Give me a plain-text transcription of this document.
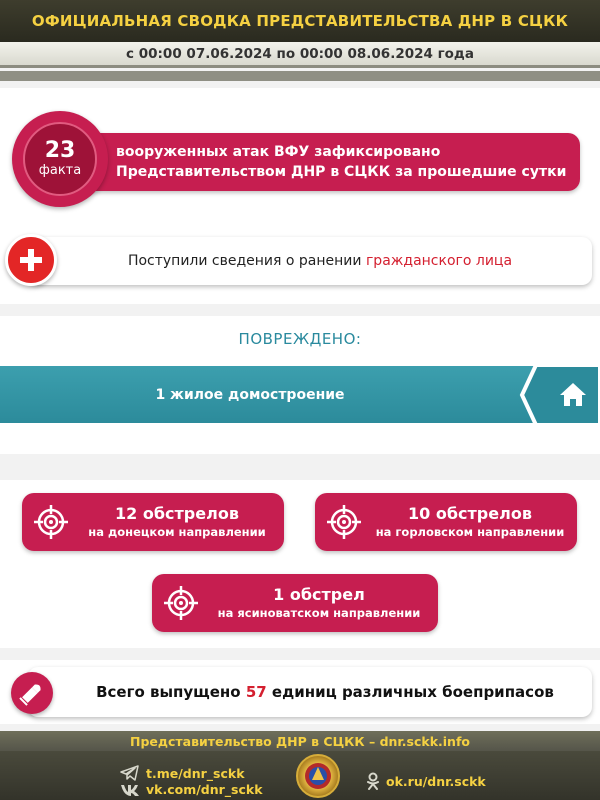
ОФИЦИАЛЬНАЯ СВОДКА ПРЕДСТАВИТЕЛЬСТВА ДНР В СЦКК
с 00:00 07.06.2024 по 00:00 08.06.2024 года
вооруженных атак ВФУ зафиксировано
Представительством ДНР в СЦКК за прошедшие сутки
23
факта
Поступили сведения о ранении гражданского лица
ПОВРЕЖДЕНО:
1 жилое домостроение
12 обстрелов
на донецком направлении
10 обстрелов
на горловском направлении
1 обстрел
на ясиноватском направлении
Всего выпущено 57 единиц различных боеприпасов
Представительство ДНР в СЦКК – dnr.sckk.info
t.me/dnr_sckk
vk.com/dnr_sckk
ok.ru/dnr.sckk
